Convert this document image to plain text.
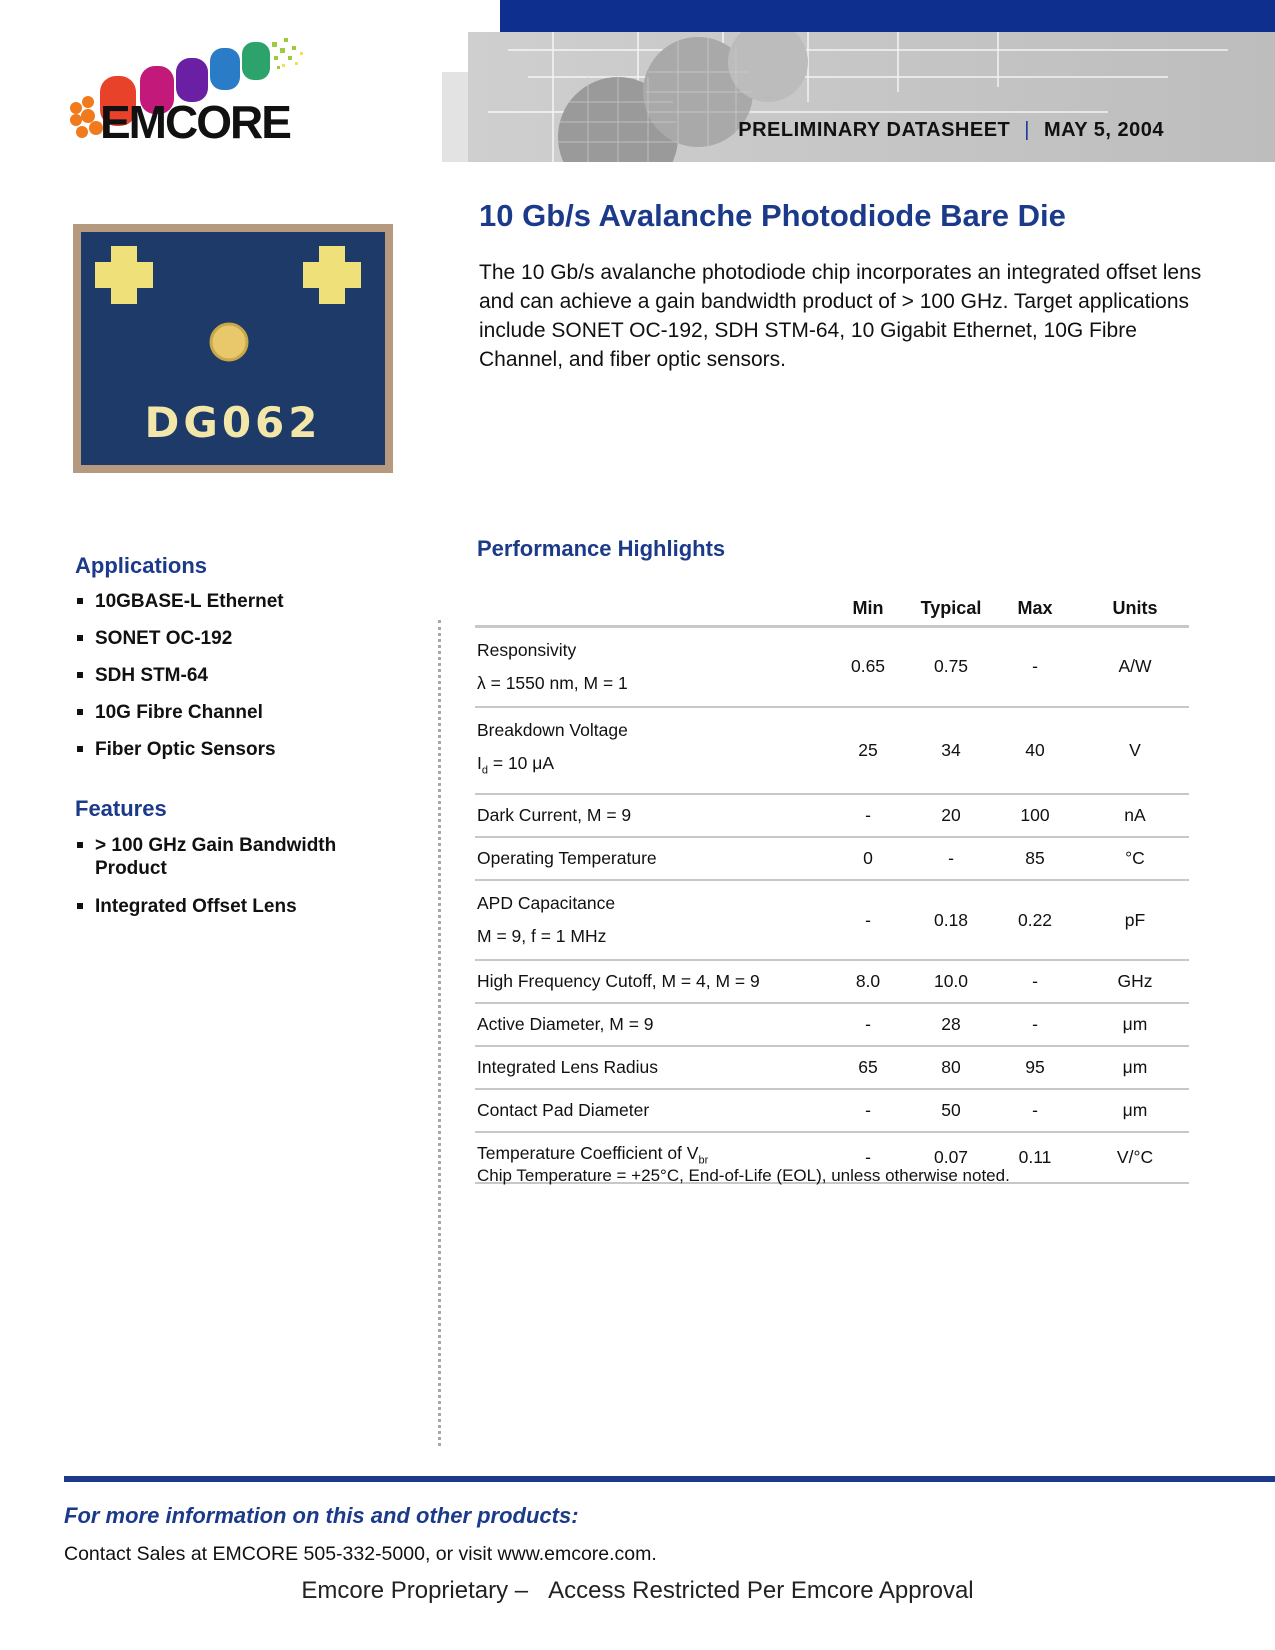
PRELIMINARY DATASHEET | MAY 5, 2004
EMCORE
DG062
10 Gb/s Avalanche Photodiode Bare Die
The 10 Gb/s avalanche photodiode chip incorporates an integrated offset lens and can achieve a gain bandwidth product of > 100 GHz. Target applications include SONET OC-192, SDH STM-64, 10 Gigabit Ethernet, 10G Fibre Channel, and fiber optic sensors.
Applications
10GBASE-L Ethernet
SONET OC-192
SDH STM-64
10G Fibre Channel
Fiber Optic Sensors
Features
> 100 GHz Gain Bandwidth Product
Integrated Offset Lens
Performance Highlights
	Min	Typical	Max	Units
Responsivity
λ = 1550 nm, M = 1	0.65	0.75	-	A/W
Breakdown Voltage
$I_d = 10$ μA	25	34	40	V
Dark Current, M = 9	-	20	100	nA
Operating Temperature	0	-	85	°C
APD Capacitance
M = 9, f = 1 MHz	-	0.18	0.22	pF
High Frequency Cutoff, M = 4, M = 9	8.0	10.0	-	GHz
Active Diameter, M = 9	-	28	-	μm
Integrated Lens Radius	65	80	95	μm
Contact Pad Diameter	-	50	-	μm
Temperature Coefficient of $V_{br}$	-	0.07	0.11	V/°C
Chip Temperature = +25°C, End-of-Life (EOL), unless otherwise noted.
For more information on this and other products:
Contact Sales at EMCORE 505-332-5000, or visit www.emcore.com.
Emcore Proprietary – Access Restricted Per Emcore Approval
